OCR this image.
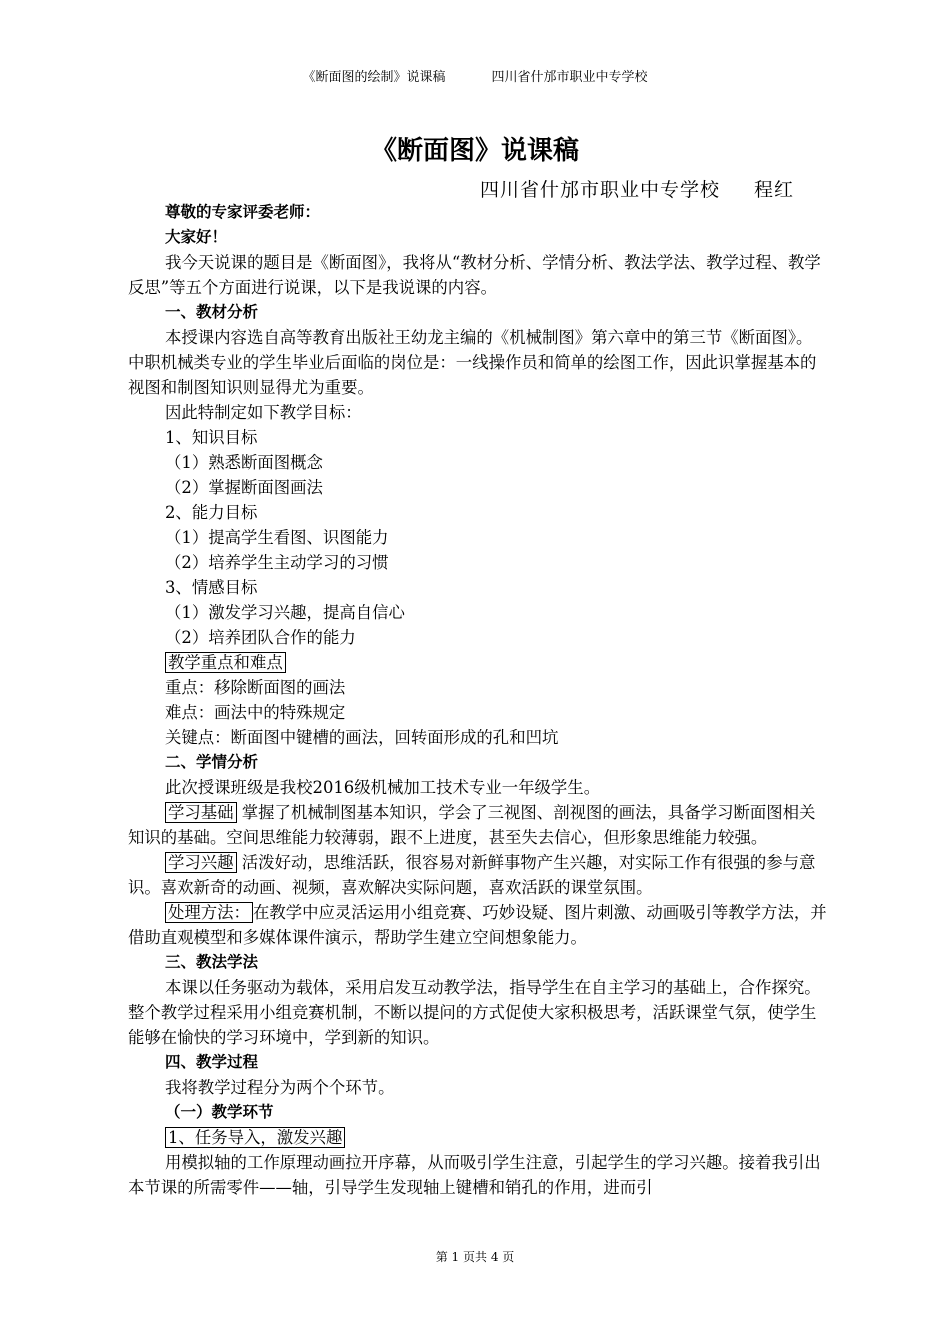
《断面图的绘制》说课稿	四川省什邡市职业中专学校
《断面图》说课稿
四川省什邡市职业中专学校 程红

尊敬的专家评委老师：

大家好！

我今天说课的题目是《断面图》，我将从“教材分析、学情分析、教法学法、教学过程、教学反思”等五个方面进行说课，以下是我说课的内容。

一、教材分析

本授课内容选自高等教育出版社王幼龙主编的《机械制图》第六章中的第三节《断面图》。中职机械类专业的学生毕业后面临的岗位是：一线操作员和简单的绘图工作，因此识掌握基本的视图和制图知识则显得尤为重要。

因此特制定如下教学目标：

1、知识目标

（1）熟悉断面图概念

（2）掌握断面图画法

2、能力目标

（1）提高学生看图、识图能力

（2）培养学生主动学习的习惯

3、情感目标

（1）激发学习兴趣，提高自信心

（2）培养团队合作的能力

教学重点和难点

重点：移除断面图的画法

难点：画法中的特殊规定

关键点：断面图中键槽的画法，回转面形成的孔和凹坑

二、学情分析

此次授课班级是我校2016级机械加工技术专业一年级学生。

学习基础 掌握了机械制图基本知识，学会了三视图、剖视图的画法，具备学习断面图相关知识的基础。空间思维能力较薄弱，跟不上进度，甚至失去信心，但形象思维能力较强。

学习兴趣 活泼好动，思维活跃，很容易对新鲜事物产生兴趣，对实际工作有很强的参与意识。喜欢新奇的动画、视频，喜欢解决实际问题，喜欢活跃的课堂氛围。

处理方法： 在教学中应灵活运用小组竞赛、巧妙设疑、图片刺激、动画吸引等教学方法，并借助直观模型和多媒体课件演示，帮助学生建立空间想象能力。

三、教法学法

本课以任务驱动为载体，采用启发互动教学法，指导学生在自主学习的基础上，合作探究。整个教学过程采用小组竞赛机制，不断以提问的方式促使大家积极思考，活跃课堂气氛，使学生能够在愉快的学习环境中，学到新的知识。

四、教学过程

我将教学过程分为两个个环节。

（一）教学环节

1、任务导入，激发兴趣

用模拟轴的工作原理动画拉开序幕，从而吸引学生注意，引起学生的学习兴趣。接着我引出本节课的所需零件——轴，引导学生发现轴上键槽和销孔的作用，进而引

第 1 页共 4 页
